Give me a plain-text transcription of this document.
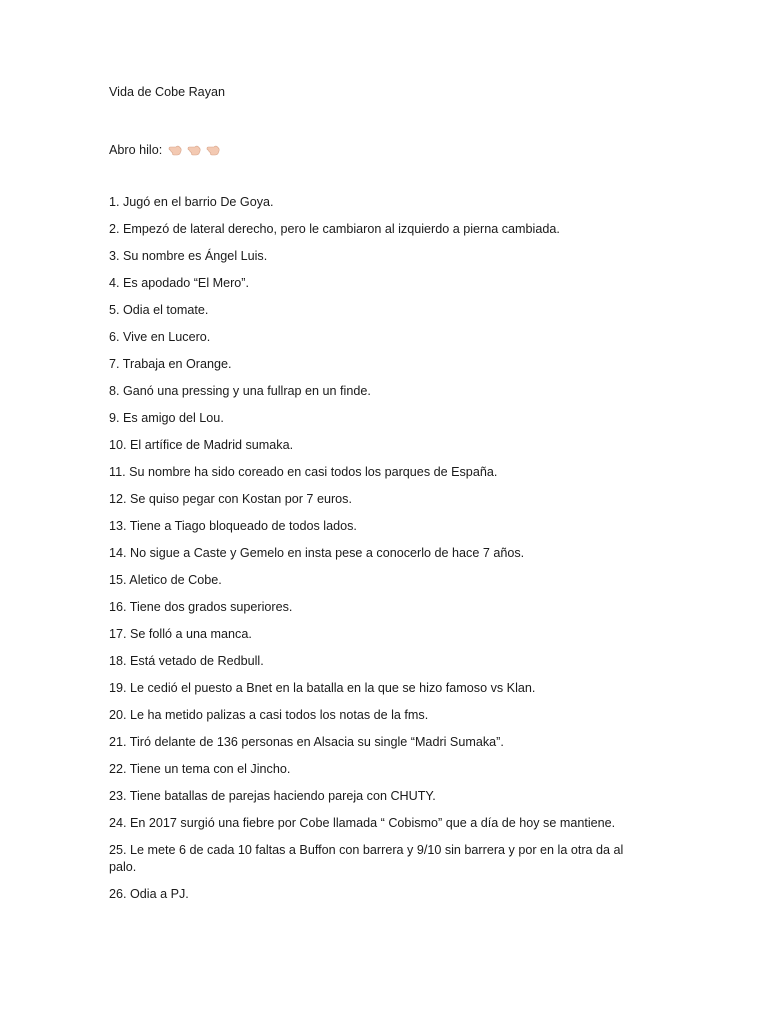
Vida de Cobe Rayan
Abro hilo:
1. Jugó en el barrio De Goya.
2. Empezó de lateral derecho, pero le cambiaron al izquierdo a pierna cambiada.
3. Su nombre es Ángel Luis.
4. Es apodado “El Mero”.
5. Odia el tomate.
6. Vive en Lucero.
7. Trabaja en Orange.
8. Ganó una pressing y una fullrap en un finde.
9. Es amigo del Lou.
10. El artífice de Madrid sumaka.
11. Su nombre ha sido coreado en casi todos los parques de España.
12. Se quiso pegar con Kostan por 7 euros.
13. Tiene a Tiago bloqueado de todos lados.
14. No sigue a Caste y Gemelo en insta pese a conocerlo de hace 7 años.
15. Aletico de Cobe.
16. Tiene dos grados superiores.
17. Se folló a una manca.
18. Está vetado de Redbull.
19. Le cedió el puesto a Bnet en la batalla en la que se hizo famoso vs Klan.
20. Le ha metido palizas a casi todos los notas de la fms.
21. Tiró delante de 136 personas en Alsacia su single “Madri Sumaka”.
22. Tiene un tema con el Jincho.
23. Tiene batallas de parejas haciendo pareja con CHUTY.
24. En 2017 surgió una fiebre por Cobe llamada “ Cobismo” que a día de hoy se mantiene.
25. Le mete 6 de cada 10 faltas a Buffon con barrera y 9/10 sin barrera y por en la otra da al palo.
26. Odia a PJ.
